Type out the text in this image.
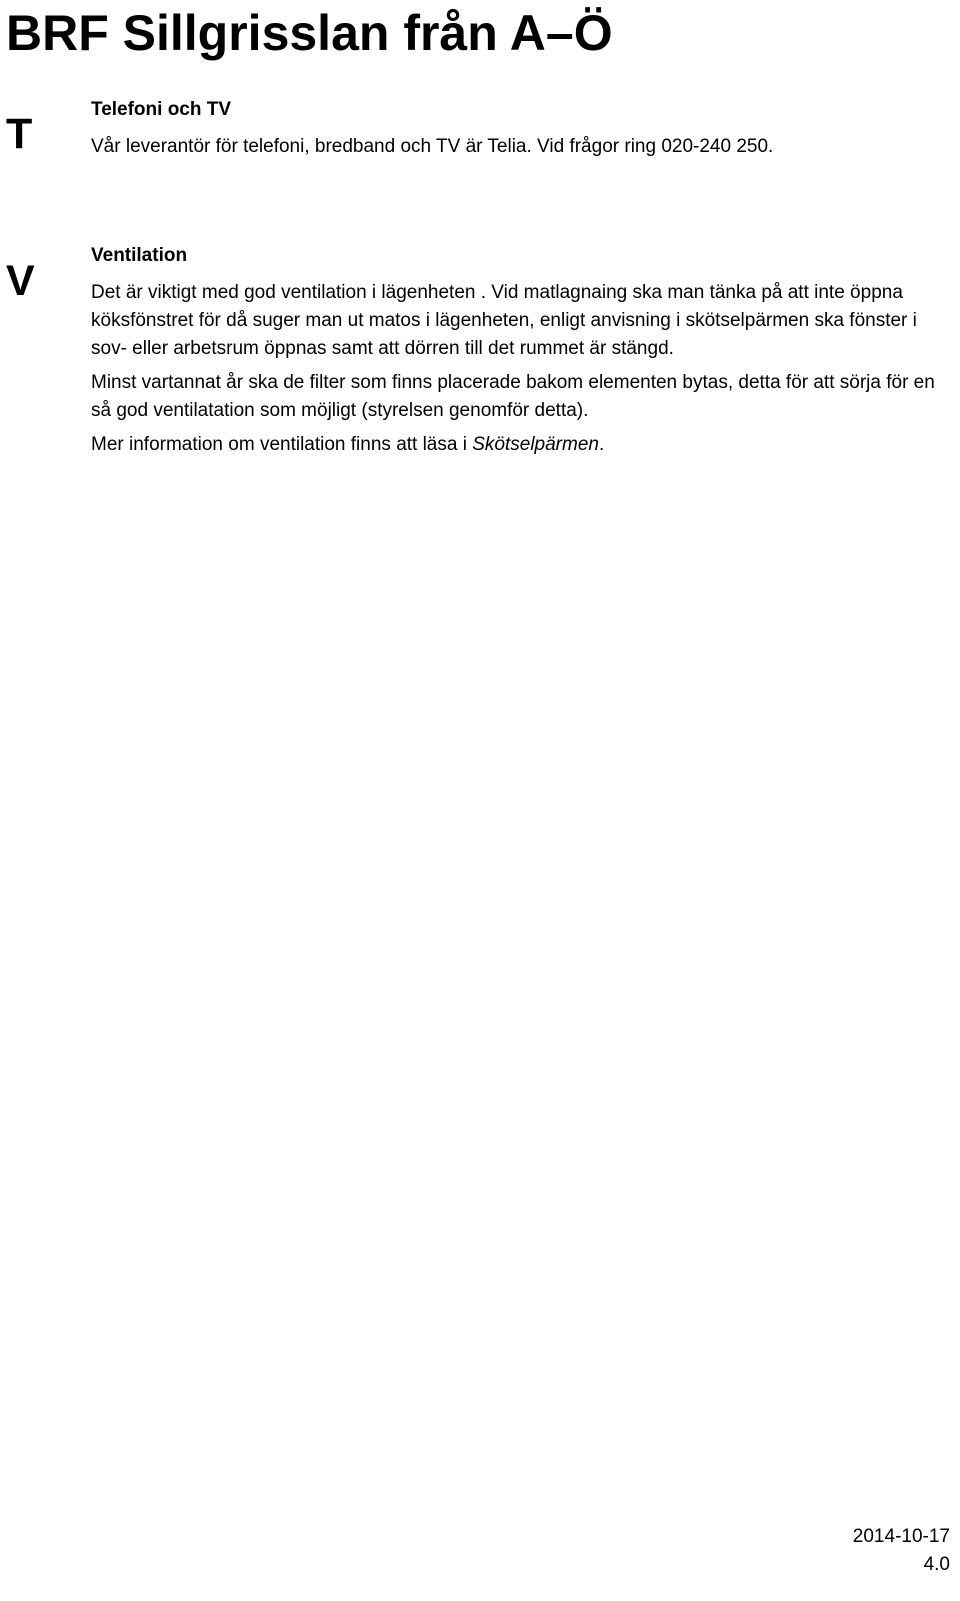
BRF Sillgrisslan från A–Ö
T

Telefoni och TV

Vår leverantör för telefoni, bredband och TV är Telia. Vid frågor ring 020-240 250.

V

Ventilation

Det är viktigt med god ventilation i lägenheten . Vid matlagnaing ska man tänka på att inte öppna köksfönstret för då suger man ut matos i lägenheten, enligt anvisning i skötselpärmen ska fönster i sov- eller arbetsrum öppnas samt att dörren till det rummet är stängd.

Minst vartannat år ska de filter som finns placerade bakom elementen bytas, detta för att sörja för en så god ventilatation som möjligt (styrelsen genomför detta).

Mer information om ventilation finns att läsa i Skötselpärmen.

2014-10-17
4.0
